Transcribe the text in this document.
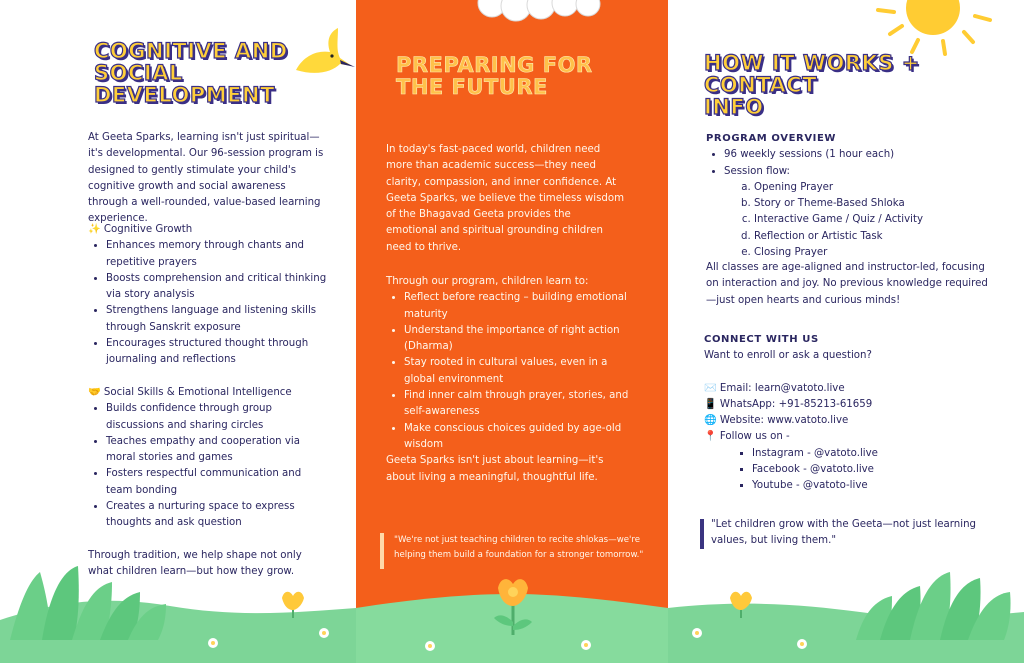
COGNITIVE AND
SOCIAL
DEVELOPMENT
At Geeta Sparks, learning isn't just spiritual—it's developmental. Our 96-session program is designed to gently stimulate your child's cognitive growth and social awareness through a well-rounded, value-based learning experience.
✨ Cognitive Growth
• Enhances memory through chants and repetitive prayers
• Boosts comprehension and critical thinking via story analysis
• Strengthens language and listening skills through Sanskrit exposure
• Encourages structured thought through journaling and reflections
🤝 Social Skills & Emotional Intelligence
• Builds confidence through group discussions and sharing circles
• Teaches empathy and cooperation via moral stories and games
• Fosters respectful communication and team bonding
• Creates a nurturing space to express thoughts and ask question
Through tradition, we help shape not only what children learn—but how they grow.
PREPARING FOR
THE FUTURE
In today's fast-paced world, children need more than academic success—they need clarity, compassion, and inner confidence. At Geeta Sparks, we believe the timeless wisdom of the Bhagavad Geeta provides the emotional and spiritual grounding children need to thrive.
Through our program, children learn to:
• Reflect before reacting – building emotional maturity
• Understand the importance of right action (Dharma)
• Stay rooted in cultural values, even in a global environment
• Find inner calm through prayer, stories, and self-awareness
• Make conscious choices guided by age-old wisdom
Geeta Sparks isn't just about learning—it's about living a meaningful, thoughtful life.
"We're not just teaching children to recite shlokas—we're helping them build a foundation for a stronger tomorrow."
HOW IT WORKS + CONTACT
INFO
PROGRAM OVERVIEW
• 96 weekly sessions (1 hour each)
• Session flow:
a. Opening Prayer
b. Story or Theme-Based Shloka
c. Interactive Game / Quiz / Activity
d. Reflection or Artistic Task
e. Closing Prayer
All classes are age-aligned and instructor-led, focusing on interaction and joy. No previous knowledge required—just open hearts and curious minds!
CONNECT WITH US
Want to enroll or ask a question?
✉️ Email: learn@vatoto.live
📱 WhatsApp: +91-85213-61659
🌐 Website: www.vatoto.live
📍 Follow us on -
▪ Instagram - @vatoto.live
▪ Facebook - @vatoto.live
▪ Youtube - @vatoto-live
"Let children grow with the Geeta—not just learning values, but living them."
